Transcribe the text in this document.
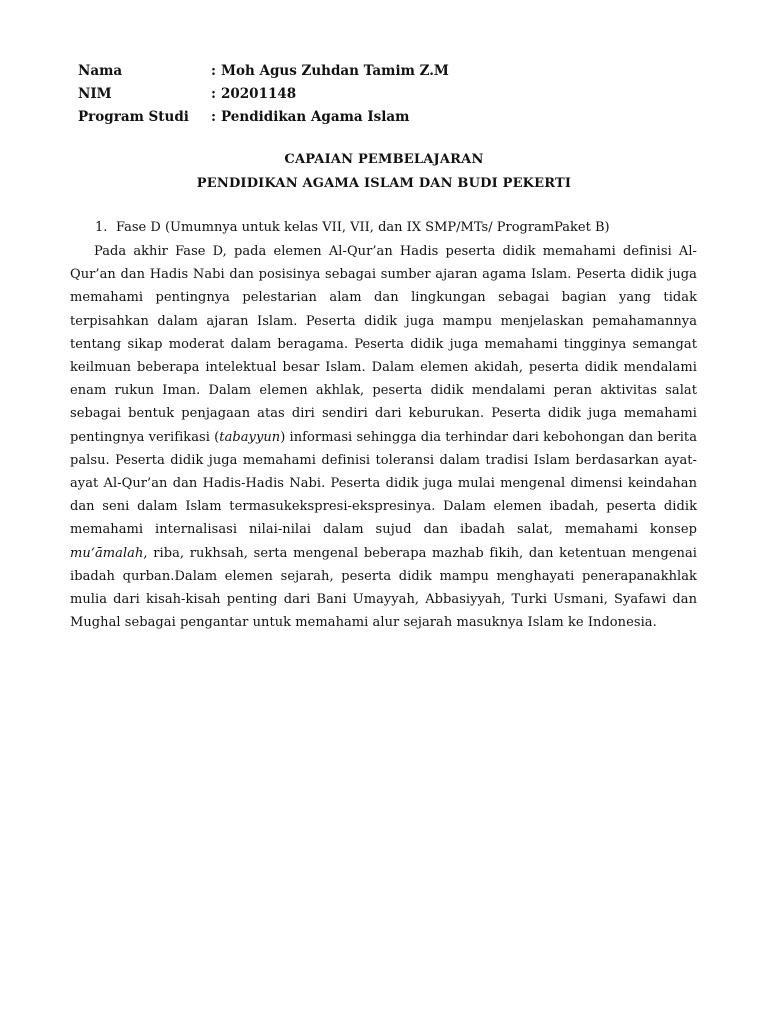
Nama	: Moh Agus Zuhdan Tamim Z.M
NIM	: 20201148
Program Studi	: Pendidikan Agama Islam
CAPAIAN PEMBELAJARAN
PENDIDIKAN AGAMA ISLAM DAN BUDI PEKERTI
1. Fase D (Umumnya untuk kelas VII, VII, dan IX SMP/MTs/ ProgramPaket B)

Pada akhir Fase D, pada elemen Al-Qur’an Hadis peserta didik memahami definisi Al-Qur’an dan Hadis Nabi dan posisinya sebagai sumber ajaran agama Islam. Peserta didik juga memahami pentingnya pelestarian alam dan lingkungan sebagai bagian yang tidak terpisahkan dalam ajaran Islam. Peserta didik juga mampu menjelaskan pemahamannya tentang sikap moderat dalam beragama. Peserta didik juga memahami tingginya semangat keilmuan beberapa intelektual besar Islam. Dalam elemen akidah, peserta didik mendalami enam rukun Iman. Dalam elemen akhlak, peserta didik mendalami peran aktivitas salat sebagai bentuk penjagaan atas diri sendiri dari keburukan. Peserta didik juga memahami pentingnya verifikasi (tabayyun) informasi sehingga dia terhindar dari kebohongan dan berita palsu. Peserta didik juga memahami definisi toleransi dalam tradisi Islam berdasarkan ayat-ayat Al-Qur’an dan Hadis-Hadis Nabi. Peserta didik juga mulai mengenal dimensi keindahan dan seni dalam Islam termasukekspresi-ekspresinya. Dalam elemen ibadah, peserta didik memahami internalisasi nilai-nilai dalam sujud dan ibadah salat, memahami konsep mu‘āmalah, riba, rukhsah, serta mengenal beberapa mazhab fikih, dan ketentuan mengenai ibadah qurban.Dalam elemen sejarah, peserta didik mampu menghayati penerapanakhlak mulia dari kisah-kisah penting dari Bani Umayyah, Abbasiyyah, Turki Usmani, Syafawi dan Mughal sebagai pengantar untuk memahami alur sejarah masuknya Islam ke Indonesia.
